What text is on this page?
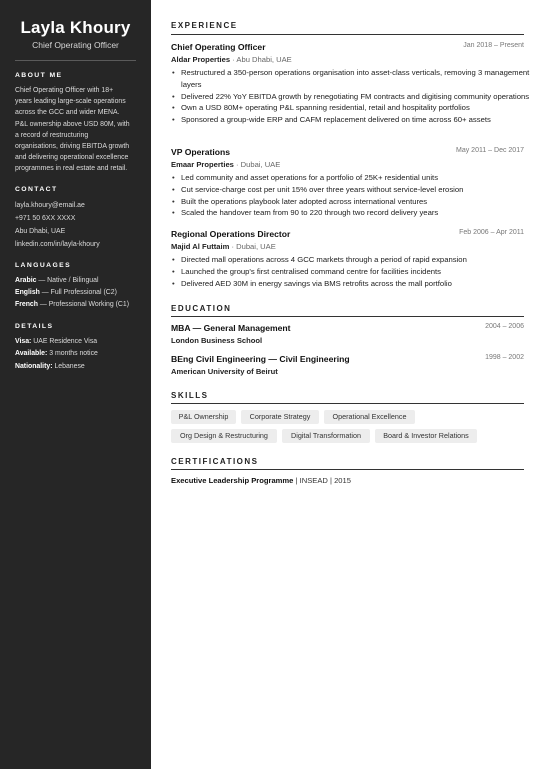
Layla Khoury
Chief Operating Officer
ABOUT ME
Chief Operating Officer with 18+
years leading large-scale operations
across the GCC and wider MENA.
P&L ownership above USD 80M, with
a record of restructuring
organisations, driving EBITDA growth
and delivering operational excellence
programmes in real estate and retail.
CONTACT
layla.khoury@email.ae
+971 50 6XX XXXX
Abu Dhabi, UAE
linkedin.com/in/layla-khoury
LANGUAGES
Arabic — Native / Bilingual
English — Full Professional (C2)
French — Professional Working (C1)
DETAILS
Visa: UAE Residence Visa
Available: 3 months notice
Nationality: Lebanese
EXPERIENCE
Chief Operating Officer	Jan 2018 – Present
Aldar Properties · Abu Dhabi, UAE
• Restructured a 350-person operations organisation into asset-class verticals, removing 3 management layers
• Delivered 22% YoY EBITDA growth by renegotiating FM contracts and digitising community operations
• Own a USD 80M+ operating P&L spanning residential, retail and hospitality portfolios
• Sponsored a group-wide ERP and CAFM replacement delivered on time across 60+ assets
VP Operations	May 2011 – Dec 2017
Emaar Properties · Dubai, UAE
• Led community and asset operations for a portfolio of 25K+ residential units
• Cut service-charge cost per unit 15% over three years without service-level erosion
• Built the operations playbook later adopted across international ventures
• Scaled the handover team from 90 to 220 through two record delivery years
Regional Operations Director	Feb 2006 – Apr 2011
Majid Al Futtaim · Dubai, UAE
• Directed mall operations across 4 GCC markets through a period of rapid expansion
• Launched the group's first centralised command centre for facilities incidents
• Delivered AED 30M in energy savings via BMS retrofits across the mall portfolio
EDUCATION
MBA — General Management	2004 – 2006
London Business School
BEng Civil Engineering — Civil Engineering	1998 – 2002
American University of Beirut
SKILLS
P&L Ownership	Corporate Strategy	Operational Excellence
Org Design & Restructuring	Digital Transformation	Board & Investor Relations
CERTIFICATIONS
Executive Leadership Programme | INSEAD | 2015
